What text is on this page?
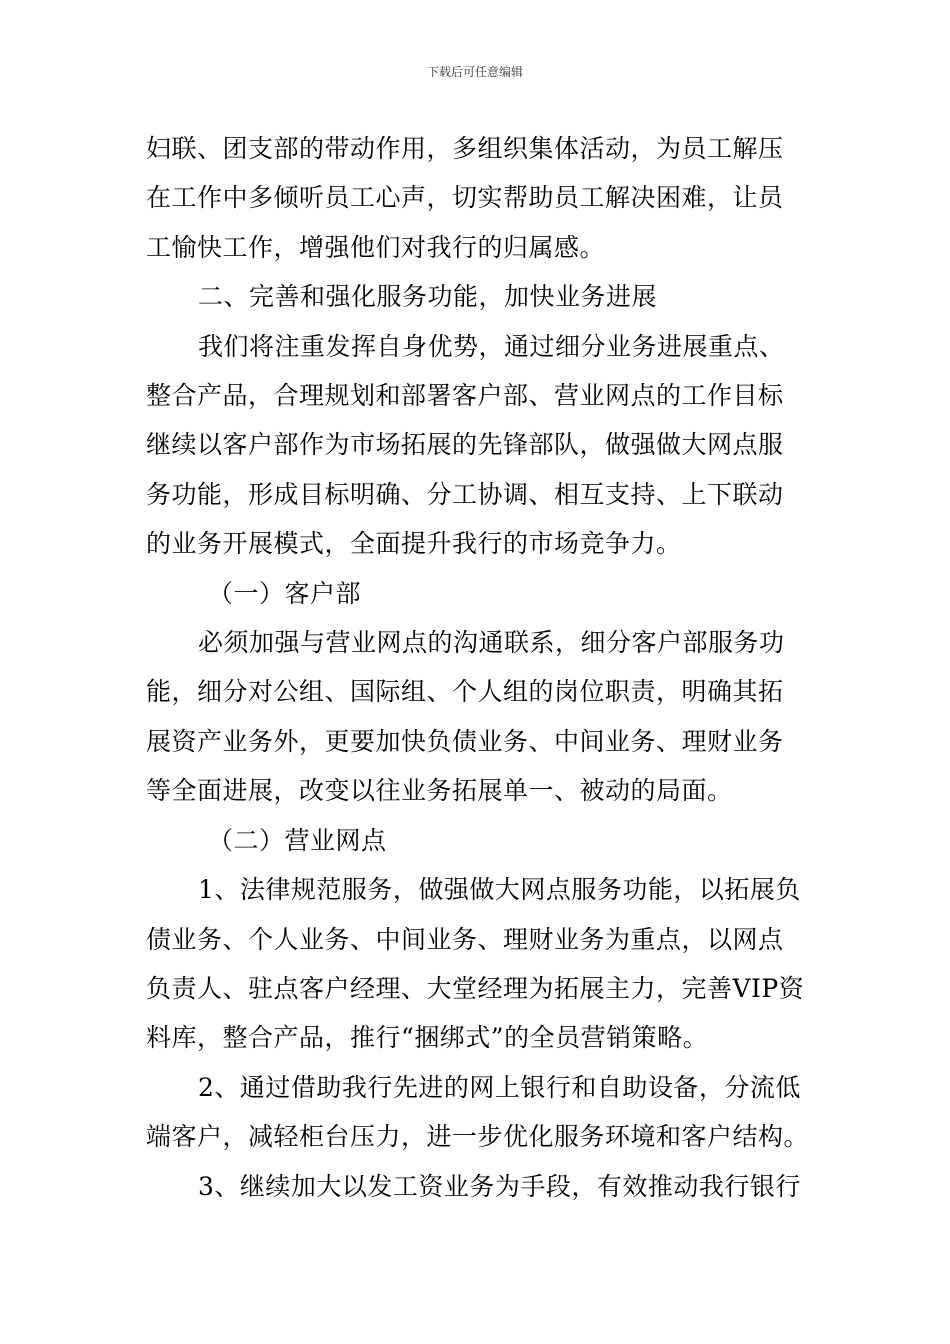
下载后可任意编辑
妇联、团支部的带动作用，多组织集体活动，为员工解压
在工作中多倾听员工心声，切实帮助员工解决困难，让员
工愉快工作，增强他们对我行的归属感。
二、完善和强化服务功能，加快业务进展
我们将注重发挥自身优势，通过细分业务进展重点、
整合产品，合理规划和部署客户部、营业网点的工作目标
继续以客户部作为市场拓展的先锋部队，做强做大网点服
务功能，形成目标明确、分工协调、相互支持、上下联动
的业务开展模式，全面提升我行的市场竞争力。
（一）客户部
必须加强与营业网点的沟通联系，细分客户部服务功
能，细分对公组、国际组、个人组的岗位职责，明确其拓
展资产业务外，更要加快负债业务、中间业务、理财业务
等全面进展，改变以往业务拓展单一、被动的局面。
（二）营业网点
1、法律规范服务，做强做大网点服务功能，以拓展负
债业务、个人业务、中间业务、理财业务为重点，以网点
负责人、驻点客户经理、大堂经理为拓展主力，完善VIP资
料库，整合产品，推行“捆绑式”的全员营销策略。
2、通过借助我行先进的网上银行和自助设备，分流低
端客户，减轻柜台压力，进一步优化服务环境和客户结构。
3、继续加大以发工资业务为手段，有效推动我行银行
